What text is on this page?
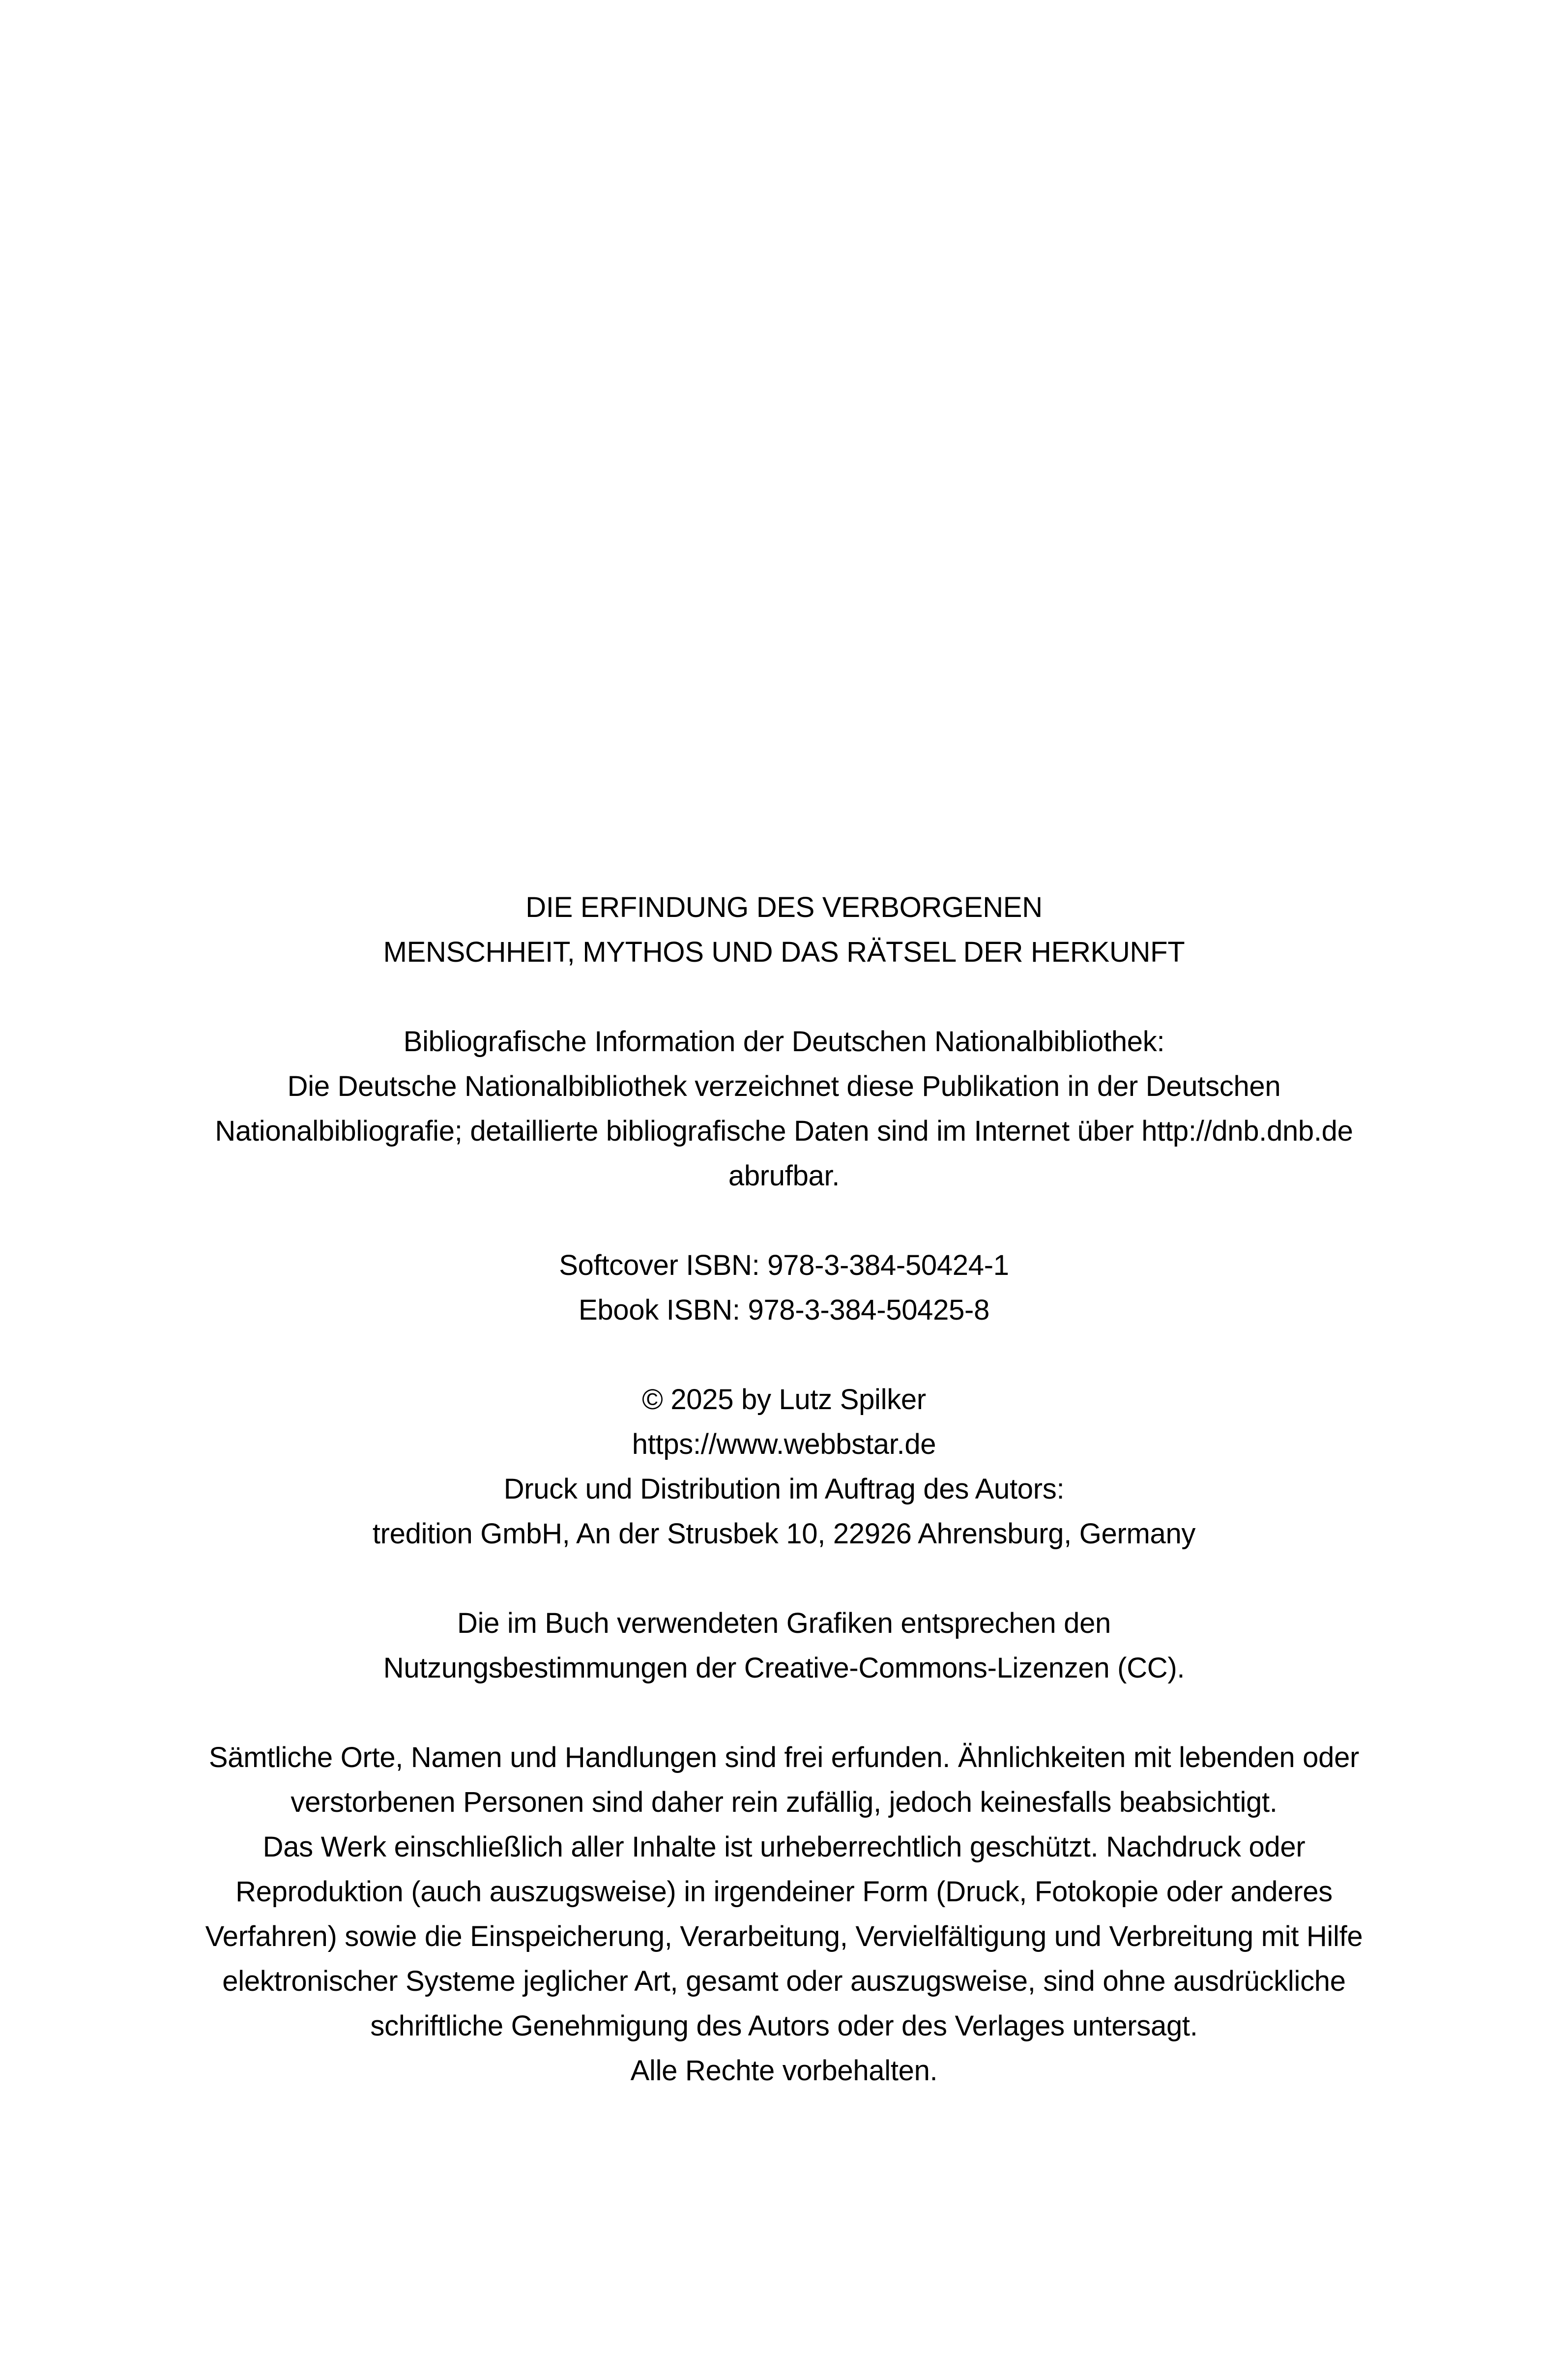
DIE ERFINDUNG DES VERBORGENEN
MENSCHHEIT, MYTHOS UND DAS RÄTSEL DER HERKUNFT
Bibliografische Information der Deutschen Nationalbibliothek:
Die Deutsche Nationalbibliothek verzeichnet diese Publikation in der Deutschen
Nationalbibliografie; detaillierte bibliografische Daten sind im Internet über http://dnb.dnb.de
abrufbar.
Softcover ISBN: 978-3-384-50424-1
Ebook ISBN: 978-3-384-50425-8
© 2025 by Lutz Spilker
https://www.webbstar.de
Druck und Distribution im Auftrag des Autors:
tredition GmbH, An der Strusbek 10, 22926 Ahrensburg, Germany
Die im Buch verwendeten Grafiken entsprechen den
Nutzungsbestimmungen der Creative-Commons-Lizenzen (CC).
Sämtliche Orte, Namen und Handlungen sind frei erfunden. Ähnlichkeiten mit lebenden oder
verstorbenen Personen sind daher rein zufällig, jedoch keinesfalls beabsichtigt.
Das Werk einschließlich aller Inhalte ist urheberrechtlich geschützt. Nachdruck oder
Reproduktion (auch auszugsweise) in irgendeiner Form (Druck, Fotokopie oder anderes
Verfahren) sowie die Einspeicherung, Verarbeitung, Vervielfältigung und Verbreitung mit Hilfe
elektronischer Systeme jeglicher Art, gesamt oder auszugsweise, sind ohne ausdrückliche
schriftliche Genehmigung des Autors oder des Verlages untersagt.
Alle Rechte vorbehalten.
